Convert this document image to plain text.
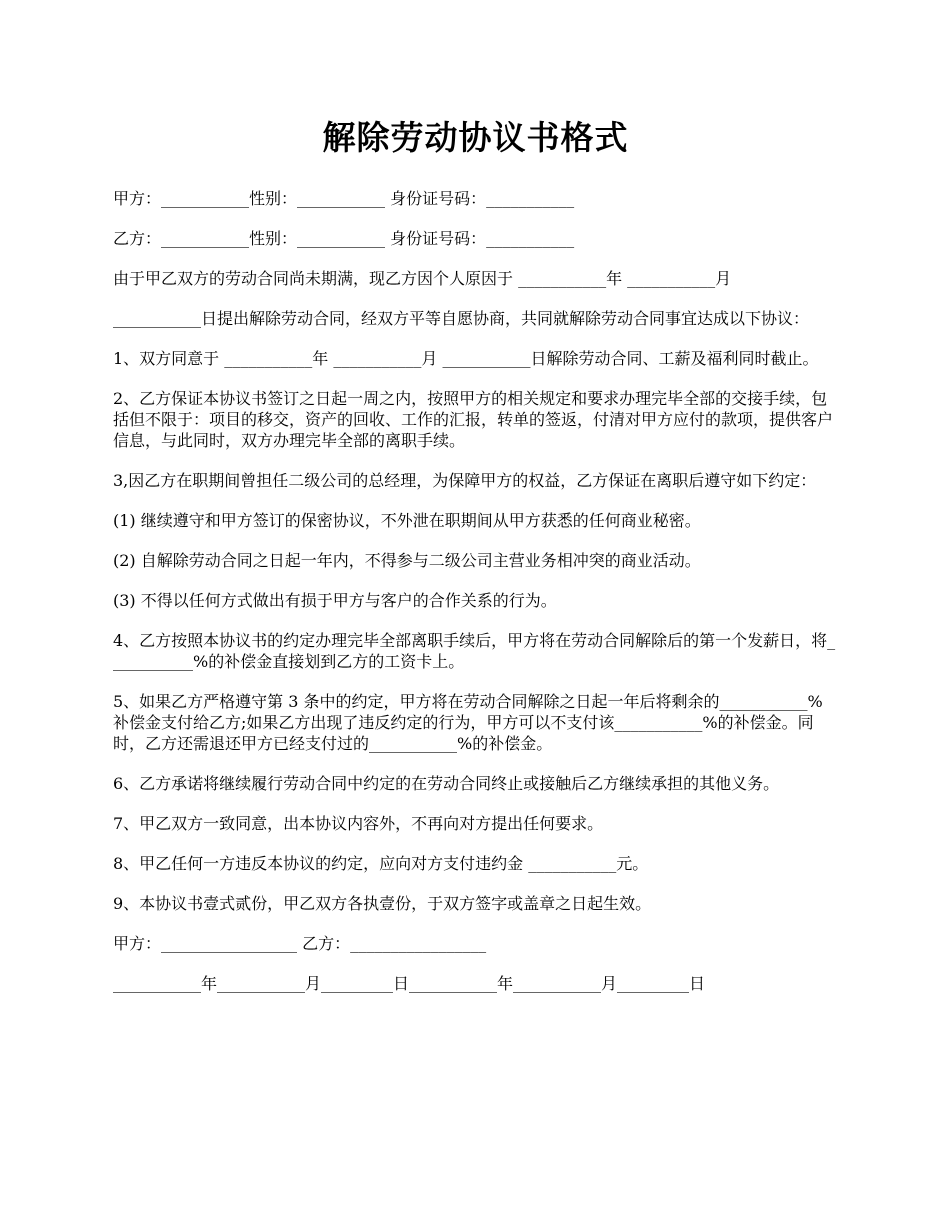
解除劳动协议书格式

甲方：___________性别：___________ 身份证号码：___________

乙方：___________性别：___________ 身份证号码：___________

由于甲乙双方的劳动合同尚未期满，现乙方因个人原因于 ___________年 ___________月

___________日提出解除劳动合同，经双方平等自愿协商，共同就解除劳动合同事宜达成以下协议：

1、双方同意于 ___________年 ___________月 ___________日解除劳动合同、工薪及福利同时截止。

2、乙方保证本协议书签订之日起一周之内，按照甲方的相关规定和要求办理完毕全部的交接手续，包括但不限于：项目的移交，资产的回收、工作的汇报，转单的签返，付清对甲方应付的款项，提供客户信息，与此同时，双方办理完毕全部的离职手续。

3,因乙方在职期间曾担任二级公司的总经理，为保障甲方的权益，乙方保证在离职后遵守如下约定：

(1) 继续遵守和甲方签订的保密协议，不外泄在职期间从甲方获悉的任何商业秘密。

(2) 自解除劳动合同之日起一年内，不得参与二级公司主营业务相冲突的商业活动。

(3) 不得以任何方式做出有损于甲方与客户的合作关系的行为。

4、乙方按照本协议书的约定办理完毕全部离职手续后，甲方将在劳动合同解除后的第一个发薪日，将___________%的补偿金直接划到乙方的工资卡上。

5、如果乙方严格遵守第 3 条中的约定，甲方将在劳动合同解除之日起一年后将剩余的___________%补偿金支付给乙方;如果乙方出现了违反约定的行为，甲方可以不支付该___________%的补偿金。同时，乙方还需退还甲方已经支付过的___________%的补偿金。

6、乙方承诺将继续履行劳动合同中约定的在劳动合同终止或接触后乙方继续承担的其他义务。

7、甲乙双方一致同意，出本协议内容外，不再向对方提出任何要求。

8、甲乙任何一方违反本协议的约定，应向对方支付违约金 ___________元。

9、本协议书壹式贰份，甲乙双方各执壹份，于双方签字或盖章之日起生效。

甲方：_________________ 乙方：_________________

___________年___________月_________日___________年___________月_________日
